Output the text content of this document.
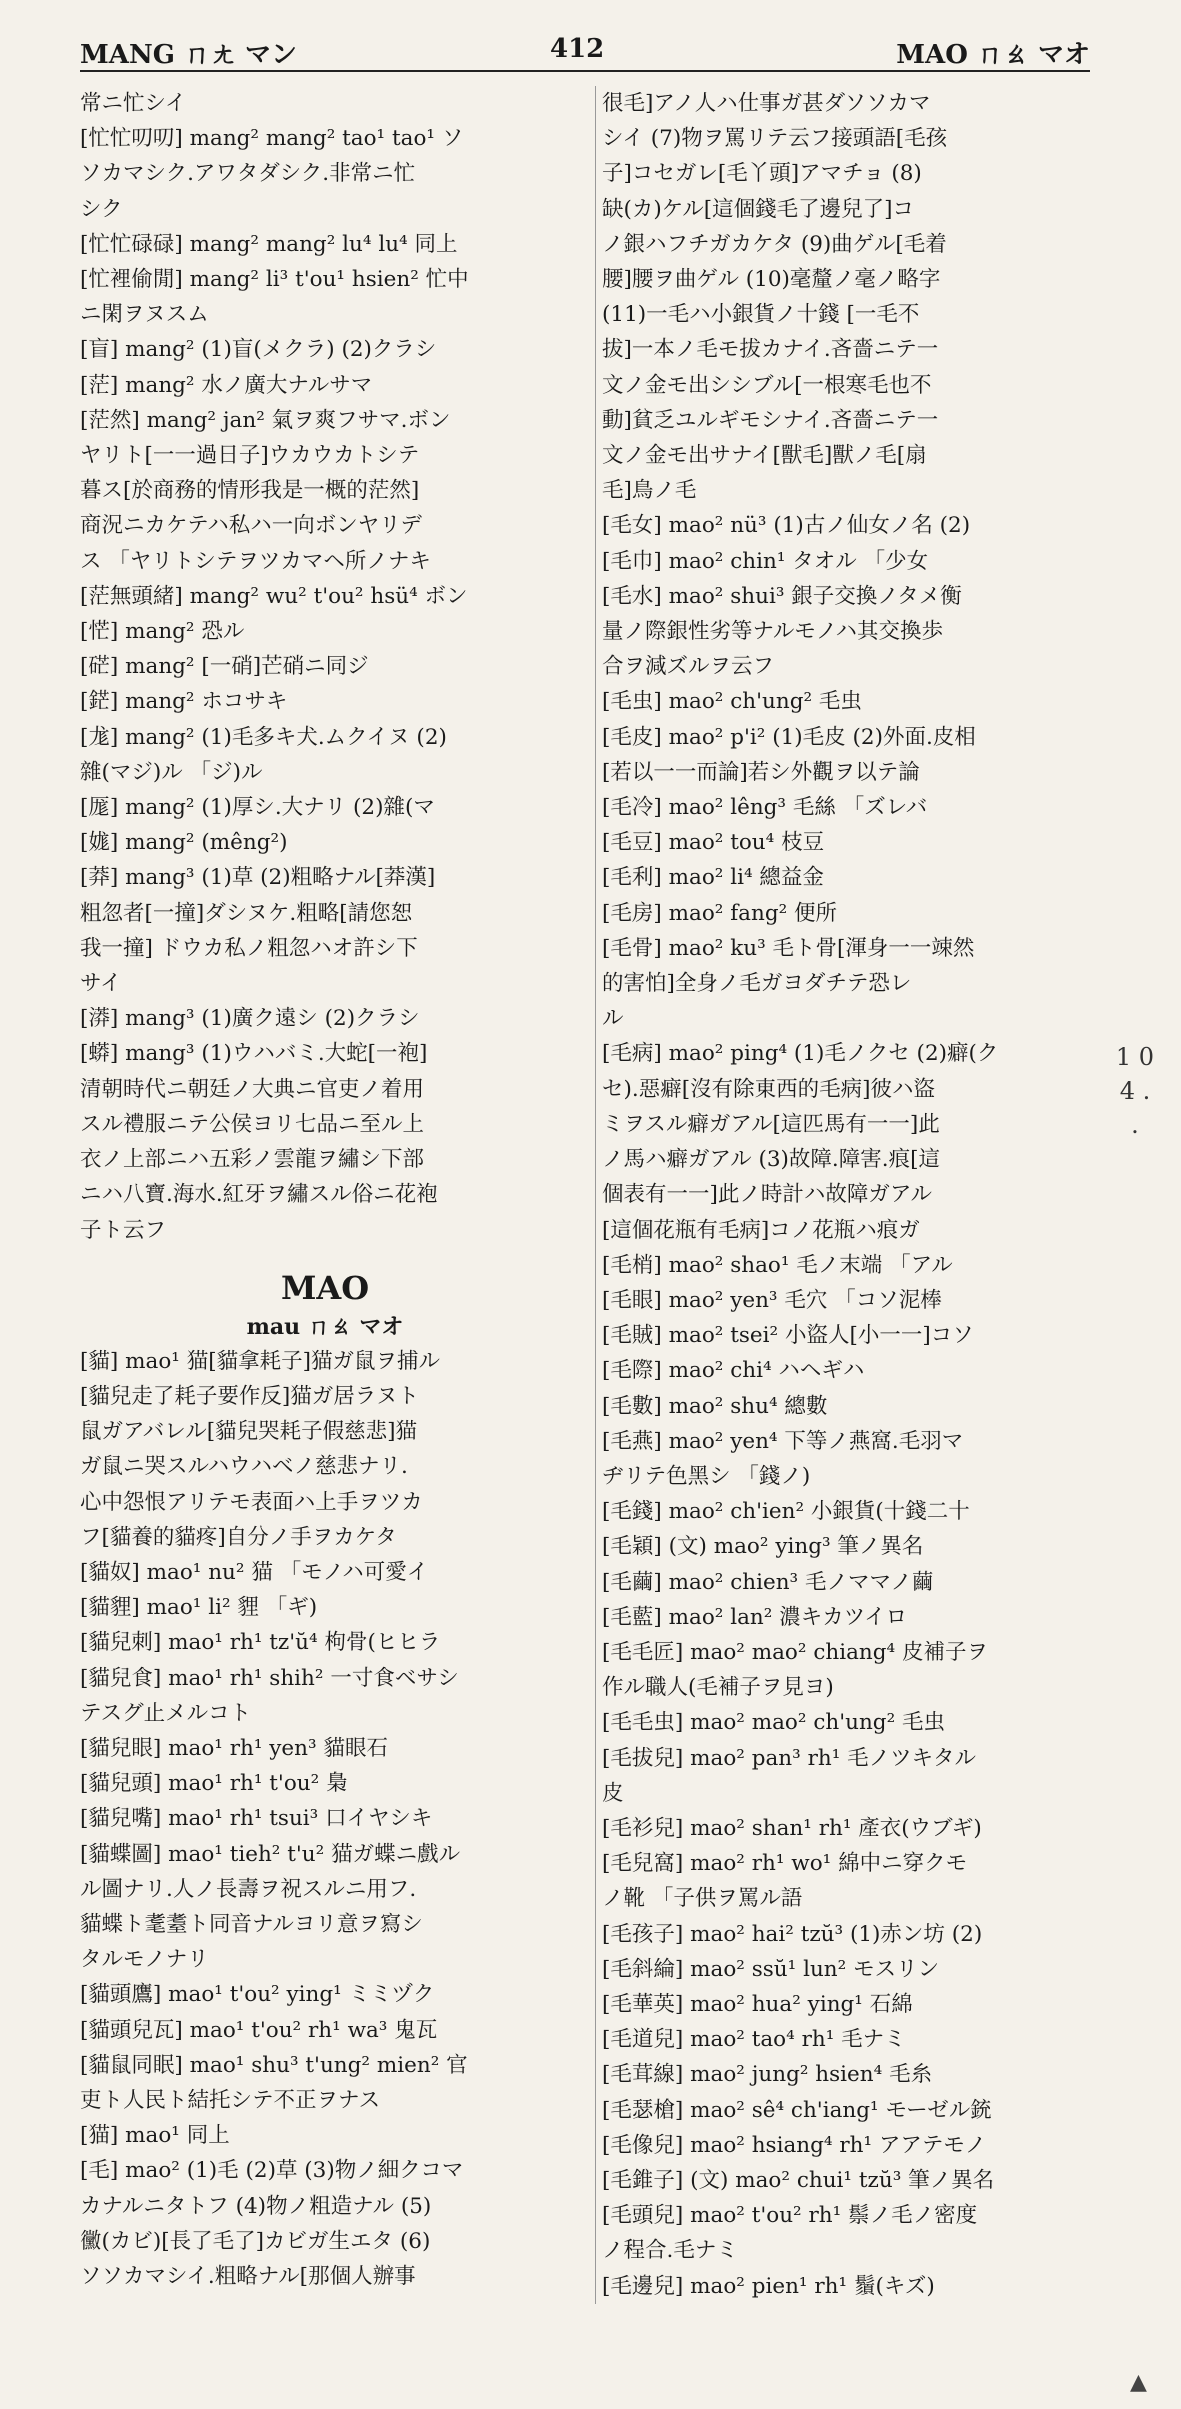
MANG ㄇㄤ マン	412	MAO ㄇㄠ マオ
常ニ忙シイ
[忙忙叨叨] mang² mang² tao¹ tao¹ ソ
ソカマシク.アワタダシク.非常ニ忙
シク
[忙忙碌碌] mang² mang² lu⁴ lu⁴ 同上
[忙裡偷閒] mang² li³ t'ou¹ hsien² 忙中
ニ閑ヲヌスム
[盲] mang² (1)盲(メクラ) (2)クラシ
[茫] mang² 水ノ廣大ナルサマ
[茫然] mang² jan² 氣ヲ爽フサマ.ボン
ヤリト[一一過日子]ウカウカトシテ
暮ス[於商務的情形我是一概的茫然]
商況ニカケテハ私ハ一向ボンヤリデ
ス 「ヤリトシテヲツカマヘ所ノナキ
[茫無頭緒] mang² wu² t'ou² hsü⁴ ボン
[恾] mang² 恐ル
[硭] mang² [一硝]芒硝ニ同ジ
[鋩] mang² ホコサキ
[尨] mang² (1)毛多キ犬.ムクイヌ (2)
雜(マジ)ル 「ジ)ル
[厖] mang² (1)厚シ.大ナリ (2)雜(マ
[娏] mang² (mêng²)
[莽] mang³ (1)草 (2)粗略ナル[莽漢]
粗忽者[一撞]ダシヌケ.粗略[請您恕
我一撞] ドウカ私ノ粗忽ハオ許シ下
サイ
[漭] mang³ (1)廣ク遠シ (2)クラシ
[蟒] mang³ (1)ウハバミ.大蛇[一袍]
清朝時代ニ朝廷ノ大典ニ官吏ノ着用
スル禮服ニテ公侯ヨリ七品ニ至ル上
衣ノ上部ニハ五彩ノ雲龍ヲ繡シ下部
ニハ八寶.海水.紅牙ヲ繡スル俗ニ花袍
子ト云フ
MAO
mau ㄇㄠ マオ
[貓] mao¹ 猫[貓拿耗子]猫ガ鼠ヲ捕ル
[貓兒走了耗子要作反]猫ガ居ラヌト
鼠ガアバレル[貓兒哭耗子假慈悲]猫
ガ鼠ニ哭スルハウハベノ慈悲ナリ.
心中怨恨アリテモ表面ハ上手ヲツカ
フ[貓養的貓疼]自分ノ手ヲカケタ
[貓奴] mao¹ nu² 猫 「モノハ可愛イ
[貓貍] mao¹ li² 貍 「ギ)
[貓兒刺] mao¹ rh¹ tz'ŭ⁴ 枸骨(ヒヒラ
[貓兒食] mao¹ rh¹ shih² 一寸食ベサシ
テスグ止メルコト
[貓兒眼] mao¹ rh¹ yen³ 貓眼石
[貓兒頭] mao¹ rh¹ t'ou² 梟
[貓兒嘴] mao¹ rh¹ tsui³ 口イヤシキ
[貓蝶圖] mao¹ tieh² t'u² 猫ガ蝶ニ戲ル
ル圖ナリ.人ノ長壽ヲ祝スルニ用フ.
貓蝶ト耄耋ト同音ナルヨリ意ヲ寫シ
タルモノナリ
[貓頭鷹] mao¹ t'ou² ying¹ ミミヅク
[貓頭兒瓦] mao¹ t'ou² rh¹ wa³ 鬼瓦
[貓鼠同眠] mao¹ shu³ t'ung² mien² 官
吏ト人民ト結托シテ不正ヲナス
[猫] mao¹ 同上
[毛] mao² (1)毛 (2)草 (3)物ノ細クコマ
カナルニタトフ (4)物ノ粗造ナル (5)
黴(カビ)[長了毛了]カビガ生エタ (6)
ソソカマシイ.粗略ナル[那個人辦事
很毛]アノ人ハ仕事ガ甚ダソソカマ
シイ (7)物ヲ罵リテ云フ接頭語[毛孩
子]コセガレ[毛丫頭]アマチョ (8)
缺(カ)ケル[這個錢毛了邊兒了]コ
ノ銀ハフチガカケタ (9)曲ゲル[毛着
腰]腰ヲ曲ゲル (10)毫釐ノ毫ノ略字
(11)一毛ハ小銀貨ノ十錢 [一毛不
拔]一本ノ毛モ拔カナイ.吝嗇ニテ一
文ノ金モ出シシブル[一根寒毛也不
動]貧乏ユルギモシナイ.吝嗇ニテ一
文ノ金モ出サナイ[獸毛]獸ノ毛[扇
毛]鳥ノ毛
[毛女] mao² nü³ (1)古ノ仙女ノ名 (2)
[毛巾] mao² chin¹ タオル 「少女
[毛水] mao² shui³ 銀子交換ノタメ衡
量ノ際銀性劣等ナルモノハ其交換歩
合ヲ減ズルヲ云フ
[毛虫] mao² ch'ung² 毛虫
[毛皮] mao² p'i² (1)毛皮 (2)外面.皮相
[若以一一而論]若シ外觀ヲ以テ論
[毛冷] mao² lêng³ 毛絲 「ズレバ
[毛豆] mao² tou⁴ 枝豆
[毛利] mao² li⁴ 總益金
[毛房] mao² fang² 便所
[毛骨] mao² ku³ 毛ト骨[渾身一一竦然
的害怕]全身ノ毛ガヨダチテ恐レ
ル
[毛病] mao² ping⁴ (1)毛ノクセ (2)癖(ク
セ).惡癖[沒有除東西的毛病]彼ハ盜
ミヲスル癖ガアル[這匹馬有一一]此
ノ馬ハ癖ガアル (3)故障.障害.痕[這
個表有一一]此ノ時計ハ故障ガアル
[這個花瓶有毛病]コノ花瓶ハ痕ガ
[毛梢] mao² shao¹ 毛ノ末端 「アル
[毛眼] mao² yen³ 毛穴 「コソ泥棒
[毛賊] mao² tsei² 小盜人[小一一]コソ
[毛際] mao² chi⁴ ハヘギハ
[毛數] mao² shu⁴ 總數
[毛燕] mao² yen⁴ 下等ノ燕窩.毛羽マ
ヂリテ色黑シ 「錢ノ)
[毛錢] mao² ch'ien² 小銀貨(十錢二十
[毛穎] (文) mao² ying³ 筆ノ異名
[毛繭] mao² chien³ 毛ノママノ繭
[毛藍] mao² lan² 濃キカツイロ
[毛毛匠] mao² mao² chiang⁴ 皮補子ヲ
作ル職人(毛補子ヲ見ヨ)
[毛毛虫] mao² mao² ch'ung² 毛虫
[毛拔兒] mao² pan³ rh¹ 毛ノツキタル
皮
[毛衫兒] mao² shan¹ rh¹ 產衣(ウブギ)
[毛兒窩] mao² rh¹ wo¹ 綿中ニ穿クモ
ノ靴 「子供ヲ罵ル語
[毛孩子] mao² hai² tzŭ³ (1)赤ン坊 (2)
[毛斜綸] mao² ssŭ¹ lun² モスリン
[毛華英] mao² hua² ying¹ 石綿
[毛道兒] mao² tao⁴ rh¹ 毛ナミ
[毛茸線] mao² jung² hsien⁴ 毛糸
[毛瑟槍] mao² sê⁴ ch'iang¹ モーゼル銃
[毛像兒] mao² hsiang⁴ rh¹ アアテモノ
[毛錐子] (文) mao² chui¹ tzŭ³ 筆ノ異名
[毛頭兒] mao² t'ou² rh¹ 鬃ノ毛ノ密度
ノ程合.毛ナミ
[毛邊兒] mao² pien¹ rh¹ 鬚(キズ)
1 0 4 . .
▲
